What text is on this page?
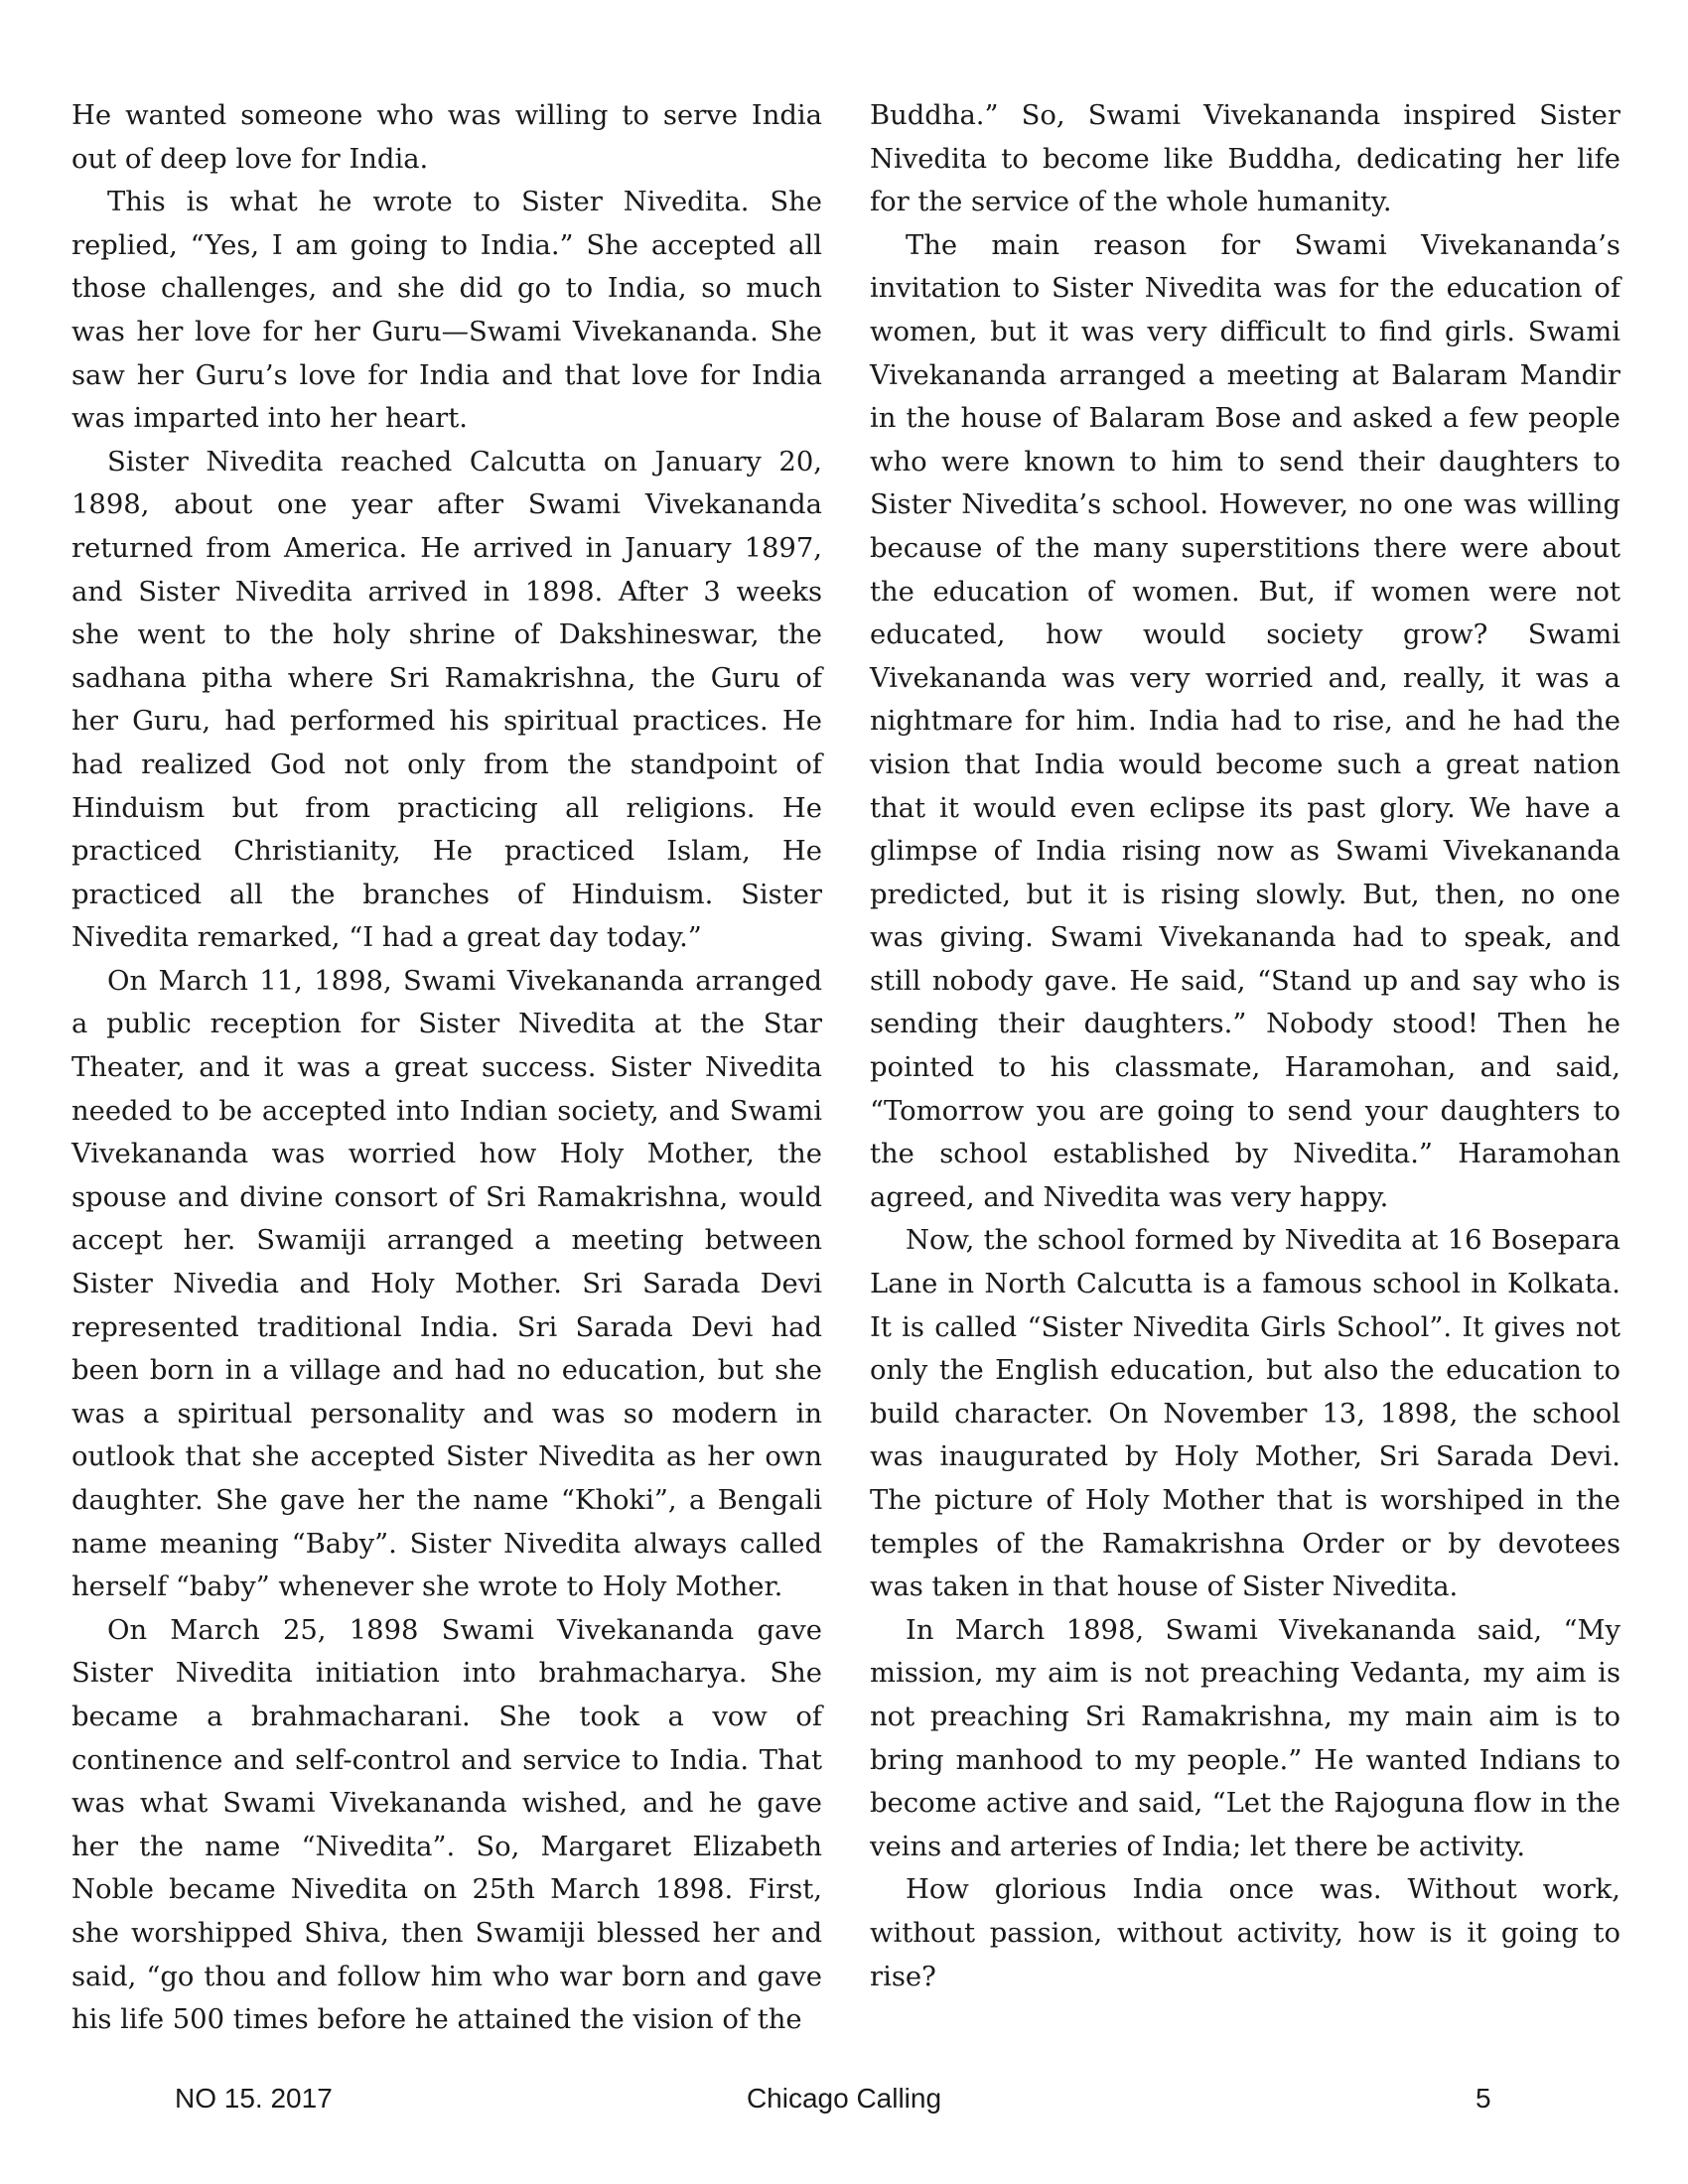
He wanted someone who was willing to serve India out of deep love for India.

This is what he wrote to Sister Nivedita. She replied, “Yes, I am going to India.” She accepted all those challenges, and she did go to India, so much was her love for her Guru—Swami Vivekananda. She saw her Guru’s love for India and that love for India was imparted into her heart.

Sister Nivedita reached Calcutta on January 20, 1898, about one year after Swami Vivekananda returned from America. He arrived in January 1897, and Sister Nivedita arrived in 1898. After 3 weeks she went to the holy shrine of Dakshineswar, the sadhana pitha where Sri Ramakrishna, the Guru of her Guru, had performed his spiritual practices. He had realized God not only from the standpoint of Hinduism but from practicing all religions. He practiced Christianity, He practiced Islam, He practiced all the branches of Hinduism. Sister Nivedita remarked, “I had a great day today.”

On March 11, 1898, Swami Vivekananda arranged a public reception for Sister Nivedita at the Star Theater, and it was a great success. Sister Nivedita needed to be accepted into Indian society, and Swami Vivekananda was worried how Holy Mother, the spouse and divine consort of Sri Ramakrishna, would accept her. Swamiji arranged a meeting between Sister Nivedia and Holy Mother. Sri Sarada Devi represented traditional India. Sri Sarada Devi had been born in a village and had no education, but she was a spiritual personality and was so modern in outlook that she accepted Sister Nivedita as her own daughter. She gave her the name “Khoki”, a Bengali name meaning “Baby”. Sister Nivedita always called herself “baby” whenever she wrote to Holy Mother.

On March 25, 1898 Swami Vivekananda gave Sister Nivedita initiation into brahmacharya. She became a brahmacharani. She took a vow of continence and self-control and service to India. That was what Swami Vivekananda wished, and he gave her the name “Nivedita”. So, Margaret Elizabeth Noble became Nivedita on 25th March 1898. First, she worshipped Shiva, then Swamiji blessed her and said, “go thou and follow him who war born and gave his life 500 times before he attained the vision of the

Buddha.” So, Swami Vivekananda inspired Sister Nivedita to become like Buddha, dedicating her life for the service of the whole humanity.

The main reason for Swami Vivekananda’s invitation to Sister Nivedita was for the education of women, but it was very difficult to find girls. Swami Vivekananda arranged a meeting at Balaram Mandir in the house of Balaram Bose and asked a few people who were known to him to send their daughters to Sister Nivedita’s school. However, no one was willing because of the many superstitions there were about the education of women. But, if women were not educated, how would society grow? Swami Vivekananda was very worried and, really, it was a nightmare for him. India had to rise, and he had the vision that India would become such a great nation that it would even eclipse its past glory. We have a glimpse of India rising now as Swami Vivekananda predicted, but it is rising slowly. But, then, no one was giving. Swami Vivekananda had to speak, and still nobody gave. He said, “Stand up and say who is sending their daughters.” Nobody stood! Then he pointed to his classmate, Haramohan, and said, “Tomorrow you are going to send your daughters to the school established by Nivedita.” Haramohan agreed, and Nivedita was very happy.

Now, the school formed by Nivedita at 16 Bosepara Lane in North Calcutta is a famous school in Kolkata. It is called “Sister Nivedita Girls School”. It gives not only the English education, but also the education to build character. On November 13, 1898, the school was inaugurated by Holy Mother, Sri Sarada Devi. The picture of Holy Mother that is worshiped in the temples of the Ramakrishna Order or by devotees was taken in that house of Sister Nivedita.

In March 1898, Swami Vivekananda said, “My mission, my aim is not preaching Vedanta, my aim is not preaching Sri Ramakrishna, my main aim is to bring manhood to my people.” He wanted Indians to become active and said, “Let the Rajoguna flow in the veins and arteries of India; let there be activity.

How glorious India once was. Without work, without passion, without activity, how is it going to rise?

NO 15. 2017	Chicago Calling	5
